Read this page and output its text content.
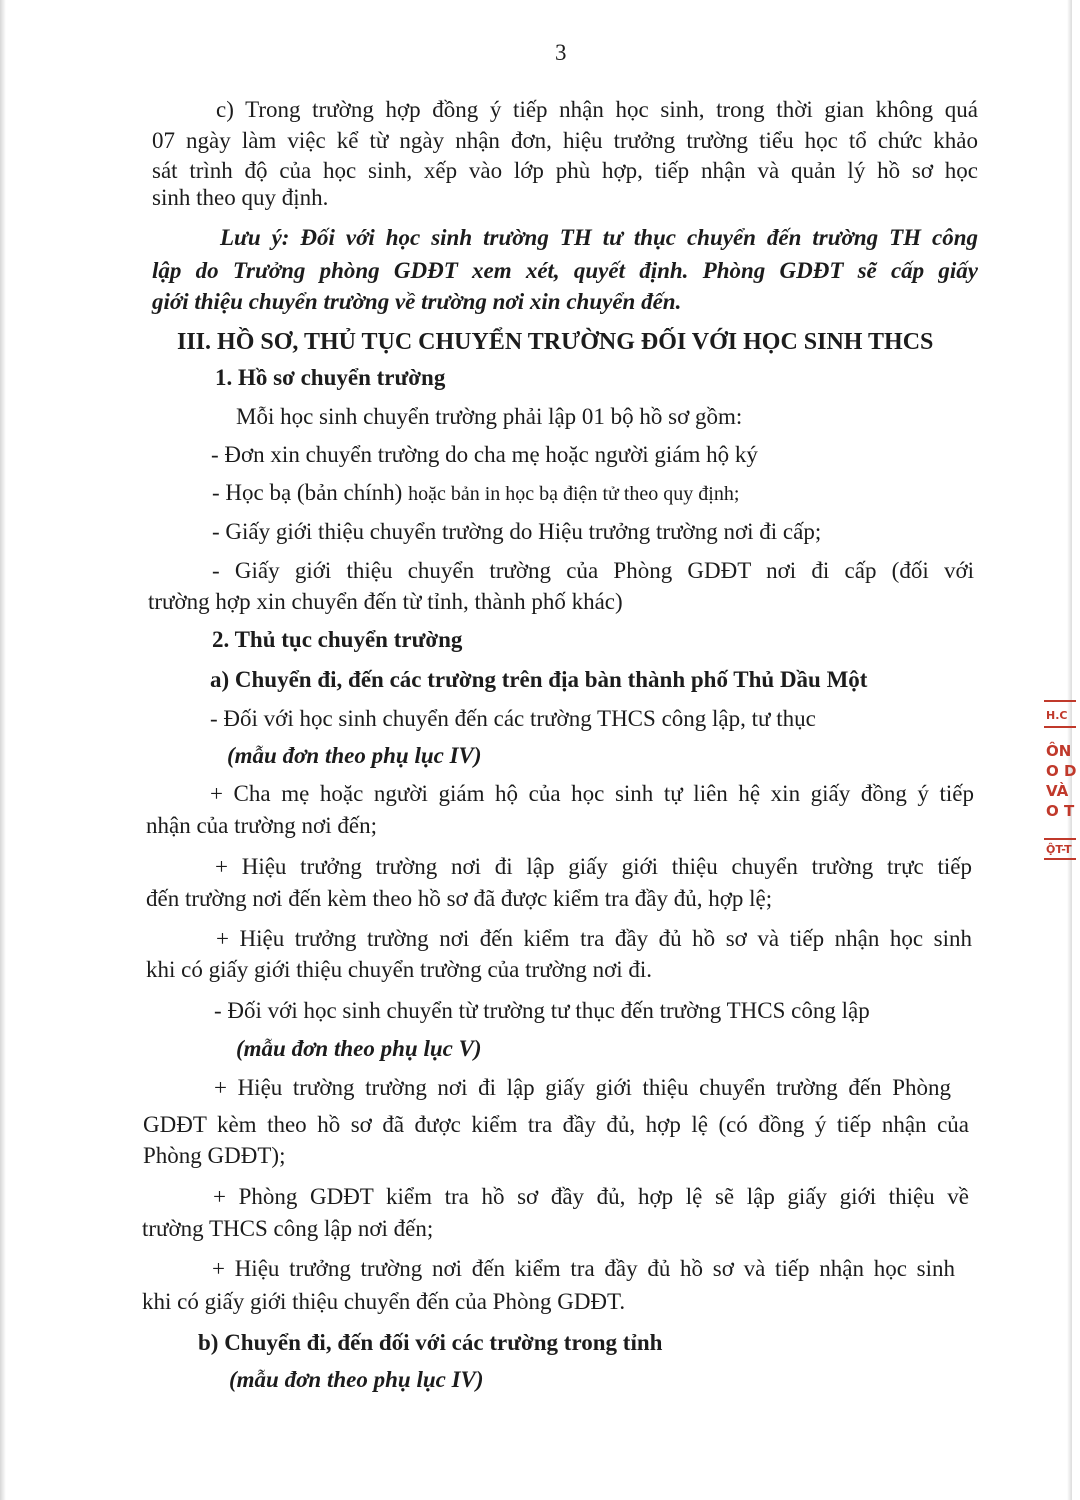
3
c) Trong trường hợp đồng ý tiếp nhận học sinh, trong thời gian không quá
07 ngày làm việc kể từ ngày nhận đơn, hiệu trưởng trường tiểu học tổ chức khảo
sát trình độ của học sinh, xếp vào lớp phù hợp, tiếp nhận và quản lý hồ sơ học
sinh theo quy định.
Lưu ý: Đối với học sinh trường TH tư thục chuyển đến trường TH công
lập do Trưởng phòng GDĐT xem xét, quyết định. Phòng GDĐT sẽ cấp giấy
giới thiệu chuyển trường về trường nơi xin chuyển đến.
III. HỒ SƠ, THỦ TỤC CHUYỂN TRƯỜNG ĐỐI VỚI HỌC SINH THCS
1. Hồ sơ chuyển trường
Mỗi học sinh chuyển trường phải lập 01 bộ hồ sơ gồm:
- Đơn xin chuyển trường do cha mẹ hoặc người giám hộ ký
- Học bạ (bản chính) hoặc bản in học bạ điện tử theo quy định;
- Giấy giới thiệu chuyển trường do Hiệu trưởng trường nơi đi cấp;
- Giấy giới thiệu chuyển trường của Phòng GDĐT nơi đi cấp (đối với
trường hợp xin chuyển đến từ tỉnh, thành phố khác)
2. Thủ tục chuyển trường
a) Chuyển đi, đến các trường trên địa bàn thành phố Thủ Dầu Một
- Đối với học sinh chuyển đến các trường THCS công lập, tư thục
(mẫu đơn theo phụ lục IV)
+ Cha mẹ hoặc người giám hộ của học sinh tự liên hệ xin giấy đồng ý tiếp
nhận của trường nơi đến;
+ Hiệu trưởng trường nơi đi lập giấy giới thiệu chuyển trường trực tiếp
đến trường nơi đến kèm theo hồ sơ đã được kiểm tra đầy đủ, hợp lệ;
+ Hiệu trưởng trường nơi đến kiểm tra đầy đủ hồ sơ và tiếp nhận học sinh
khi có giấy giới thiệu chuyển trường của trường nơi đi.
- Đối với học sinh chuyển từ trường tư thục đến trường THCS công lập
(mẫu đơn theo phụ lục V)
+ Hiệu trường trường nơi đi lập giấy giới thiệu chuyển trường đến Phòng
GDĐT kèm theo hồ sơ đã được kiểm tra đầy đủ, hợp lệ (có đồng ý tiếp nhận của
Phòng GDĐT);
+ Phòng GDĐT kiểm tra hồ sơ đầy đủ, hợp lệ sẽ lập giấy giới thiệu về
trường THCS công lập nơi đến;
+ Hiệu trưởng trường nơi đến kiểm tra đầy đủ hồ sơ và tiếp nhận học sinh
khi có giấy giới thiệu chuyển đến của Phòng GDĐT.
b) Chuyển đi, đến đối với các trường trong tỉnh
(mẫu đơn theo phụ lục IV)
H.C
ÔN
O D
VÀ
O T
ỘT-T
